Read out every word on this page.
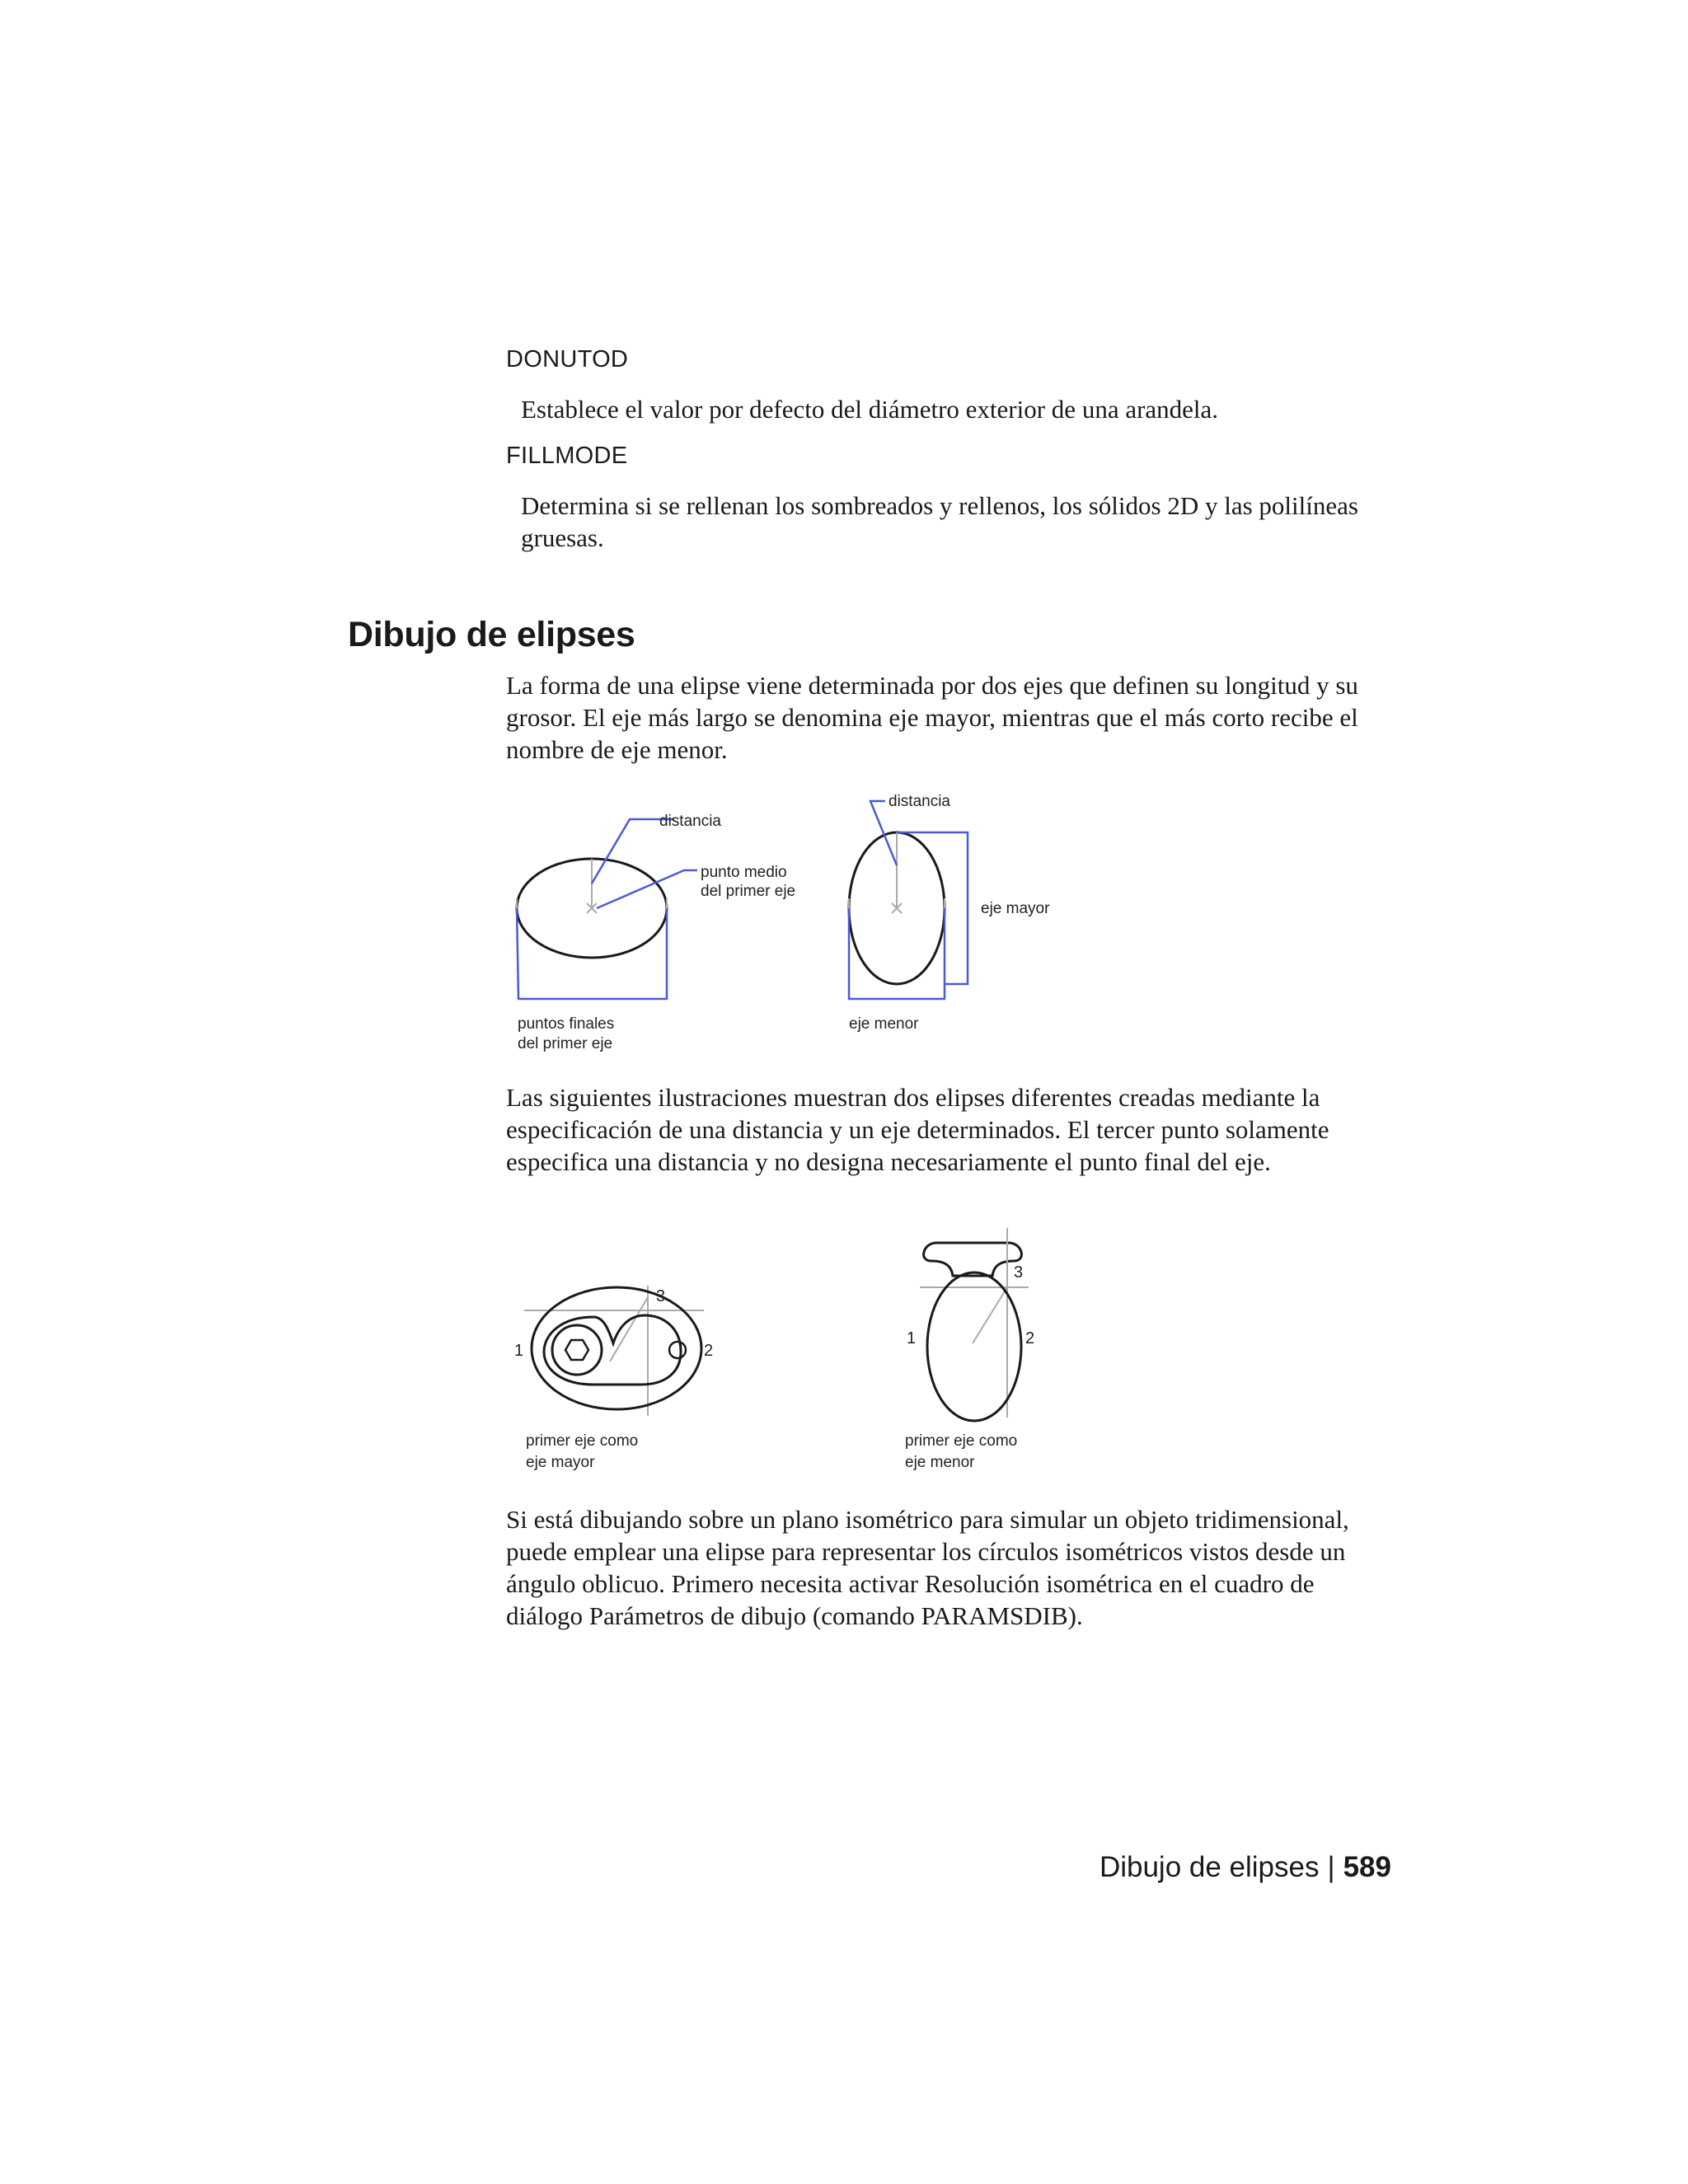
DONUTOD
Establece el valor por defecto del diámetro exterior de una arandela.
FILLMODE
Determina si se rellenan los sombreados y rellenos, los sólidos 2D y las polilíneas gruesas.
Dibujo de elipses
La forma de una elipse viene determinada por dos ejes que definen su longitud y su grosor. El eje más largo se denomina eje mayor, mientras que el más corto recibe el nombre de eje menor.
distancia
punto medio
del primer eje
puntos finales
del primer eje
distancia
eje mayor
eje menor
Las siguientes ilustraciones muestran dos elipses diferentes creadas mediante la especificación de una distancia y un eje determinados. El tercer punto solamente especifica una distancia y no designa necesariamente el punto final del eje.
1	2
3
primer eje como
eje mayor
1	2
3
primer eje como
eje menor
Si está dibujando sobre un plano isométrico para simular un objeto tridimensional, puede emplear una elipse para representar los círculos isométricos vistos desde un ángulo oblicuo. Primero necesita activar Resolución isométrica en el cuadro de diálogo Parámetros de dibujo (comando PARAMSDIB).
Dibujo de elipses | 589
